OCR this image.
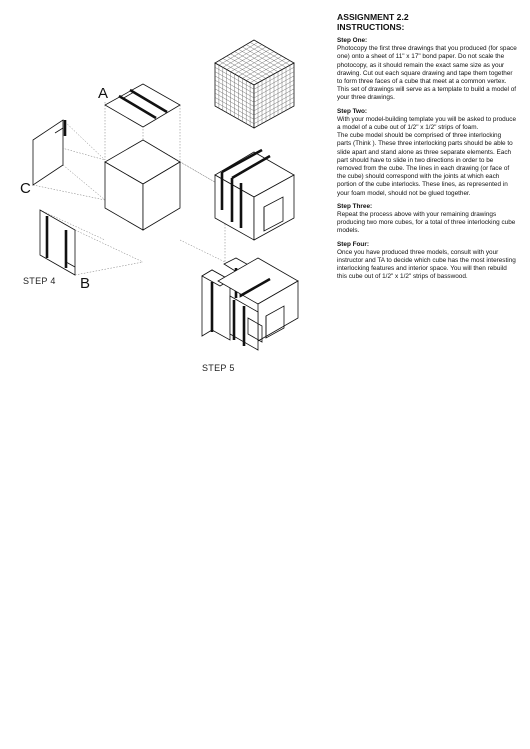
A
C
B
STEP 4
STEP 5

ASSIGNMENT 2.2

INSTRUCTIONS:

Step One:

Photocopy the first three drawings that you produced (for space one) onto a sheet of 11" x 17" bond paper. Do not scale the photocopy, as it should remain the exact same size as your drawing. Cut out each square drawing and tape them together to form three faces of a cube that meet at a common vertex. This set of drawings will serve as a template to build a model of your three drawings.

Step Two:

With your model-building template you will be asked to produce a model of a cube out of 1/2" x 1/2" strips of foam.
The cube model should be comprised of three interlocking parts (Think ). These three interlocking parts should be able to slide apart and stand alone as three separate elements. Each part should have to slide in two directions in order to be removed from the cube. The lines in each drawing (or face of the cube) should correspond with the joints at which each portion of the cube interlocks. These lines, as represented in your foam model, should not be glued together.

Step Three:

Repeat the process above with your remaining drawings producing two more cubes, for a total of three interlocking cube models.

Step Four:

Once you have produced three models, consult with your instructor and TA to decide which cube has the most interesting interlocking features and interior space. You will then rebuild this cube out of 1/2" x 1/2" strips of basswood.
